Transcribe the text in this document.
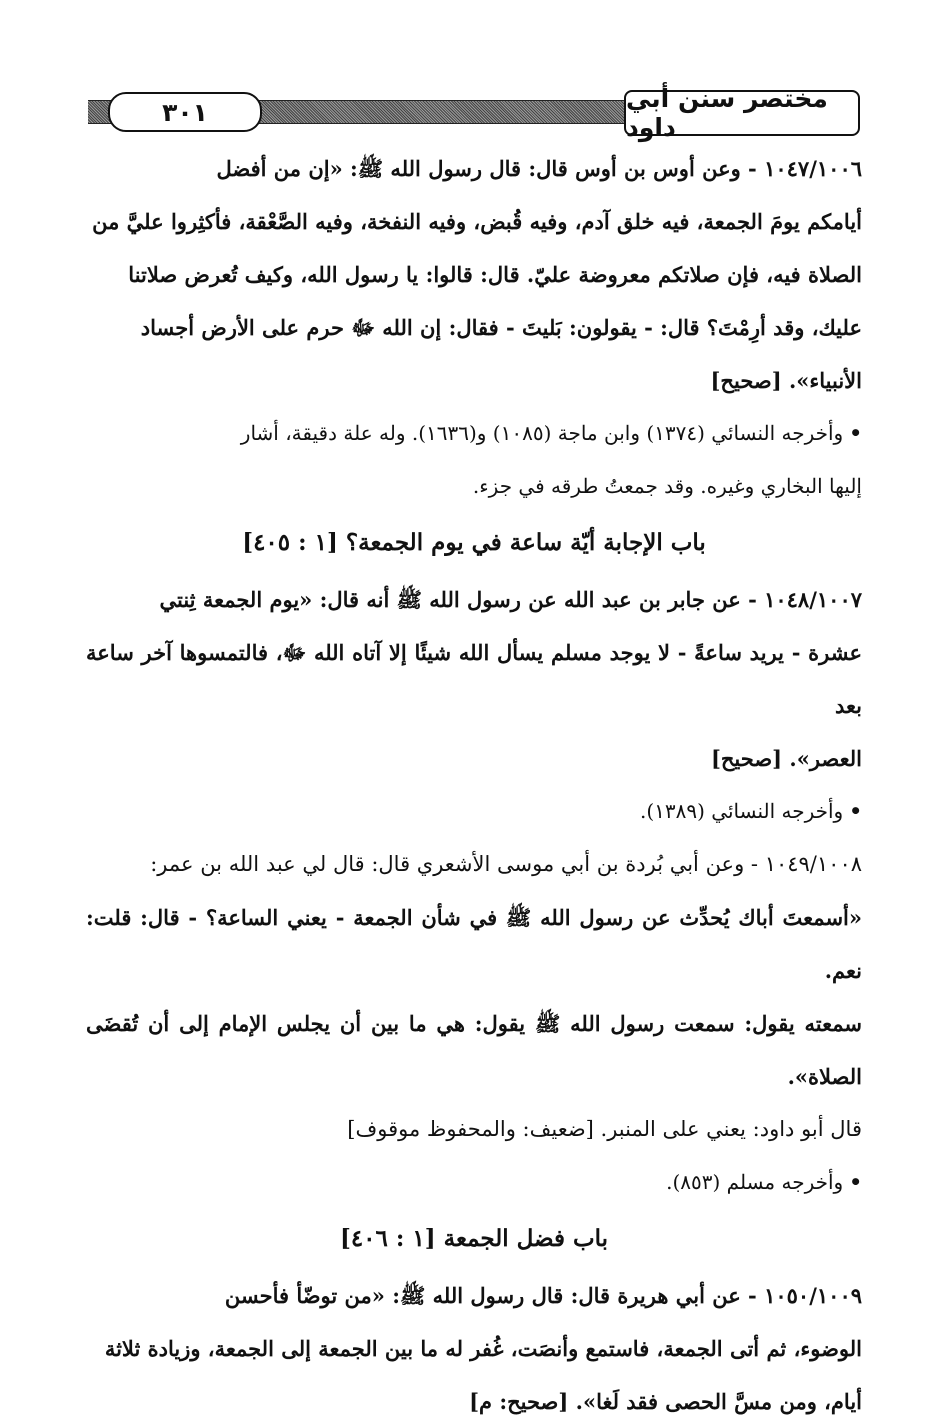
٣٠١	مختصر سنن أبي داود

١٠٤٧/١٠٠٦ - وعن أوس بن أوس قال: قال رسول الله ﷺ: «إن من أفضل

أيامكم يومَ الجمعة، فيه خلق آدم، وفيه قُبض، وفيه النفخة، وفيه الصَّعْقة، فأكثِروا عليَّ من

الصلاة فيه، فإن صلاتكم معروضة عليّ. قال: قالوا: يا رسول الله، وكيف تُعرض صلاتنا

عليك، وقد أرِمْتَ؟ قال: - يقولون: بَليتَ - فقال: إن الله ﷻ حرم على الأرض أجساد

الأنبياء». [صحيح]

•وأخرجه النسائي (١٣٧٤) وابن ماجة (١٠٨٥) و(١٦٣٦). وله علة دقيقة، أشار

إليها البخاري وغيره. وقد جمعتُ طرقه في جزء.

باب الإجابة أيّة ساعة في يوم الجمعة؟ [١ : ٤٠٥]

١٠٤٨/١٠٠٧ - عن جابر بن عبد الله عن رسول الله ﷺ أنه قال: «يوم الجمعة ثِنتي

عشرة - يريد ساعةً - لا يوجد مسلم يسأل الله شيئًا إلا آتاه الله ﷻ، فالتمسوها آخر ساعة بعد

العصر». [صحيح]

•وأخرجه النسائي (١٣٨٩).

١٠٤٩/١٠٠٨ - وعن أبي بُردة بن أبي موسى الأشعري قال: قال لي عبد الله بن عمر:

«أسمعتَ أباك يُحدِّث عن رسول الله ﷺ في شأن الجمعة - يعني الساعة؟ - قال: قلت: نعم.

سمعته يقول: سمعت رسول الله ﷺ يقول: هي ما بين أن يجلس الإمام إلى أن تُقضَى الصلاة».

قال أبو داود: يعني على المنبر. [ضعيف: والمحفوظ موقوف]

•وأخرجه مسلم (٨٥٣).

باب فضل الجمعة [١ : ٤٠٦]

١٠٥٠/١٠٠٩ - عن أبي هريرة قال: قال رسول الله ﷺ: «من توضّأ فأحسن

الوضوء، ثم أتى الجمعة، فاستمع وأنصَت، غُفر له ما بين الجمعة إلى الجمعة، وزيادة ثلاثة

أيام، ومن مسَّ الحصى فقد لَغا». [صحيح: م]
